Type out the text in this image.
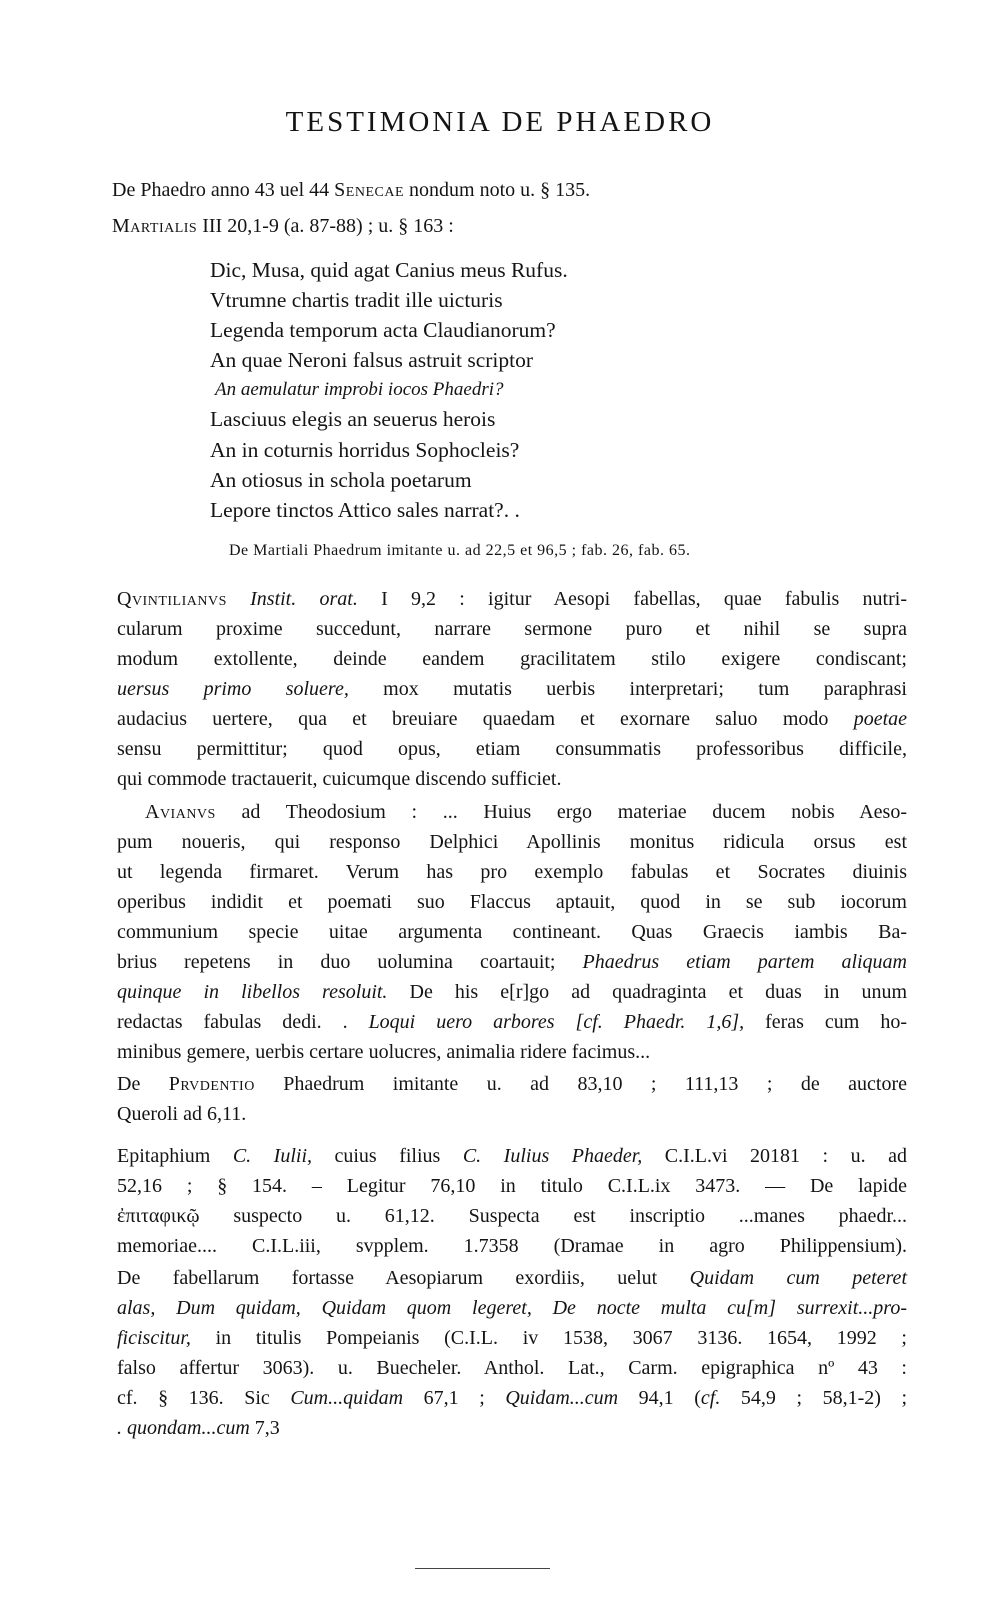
TESTIMONIA DE PHAEDRO
De Phaedro anno 43 uel 44 Senecae nondum noto u. § 135.
Martialis III 20,1-9 (a. 87-88) ; u. § 163 :
Dic, Musa, quid agat Canius meus Rufus.
Vtrumne chartis tradit ille uicturis
Legenda temporum acta Claudianorum?
An quae Neroni falsus astruit scriptor
An aemulatur improbi iocos Phaedri?
Lasciuus elegis an seuerus herois
An in coturnis horridus Sophocleis?
An otiosus in schola poetarum
Lepore tinctos Attico sales narrat?. .
De Martiali Phaedrum imitante u. ad 22,5 et 96,5 ; fab. 26, fab. 65.
Qvintilianvs Instit. orat. I 9,2 : igitur Aesopi fabellas, quae fabulis nutri-
cularum proxime succedunt, narrare sermone puro et nihil se supra
modum extollente, deinde eandem gracilitatem stilo exigere condiscant;
uersus primo soluere, mox mutatis uerbis interpretari; tum paraphrasi
audacius uertere, qua et breuiare quaedam et exornare saluo modo poetae
sensu permittitur; quod opus, etiam consummatis professoribus difficile,
qui commode tractauerit, cuicumque discendo sufficiet.
Avianvs ad Theodosium : ... Huius ergo materiae ducem nobis Aeso-
pum noueris, qui responso Delphici Apollinis monitus ridicula orsus est
ut legenda firmaret. Verum has pro exemplo fabulas et Socrates diuinis
operibus indidit et poemati suo Flaccus aptauit, quod in se sub iocorum
communium specie uitae argumenta contineant. Quas Graecis iambis Ba-
brius repetens in duo uolumina coartauit; Phaedrus etiam partem aliquam
quinque in libellos resoluit. De his e[r]go ad quadraginta et duas in unum
redactas fabulas dedi. . Loqui uero arbores [cf. Phaedr. 1,6], feras cum ho-
minibus gemere, uerbis certare uolucres, animalia ridere facimus...
De Prvdentio Phaedrum imitante u. ad 83,10 ; 111,13 ; de auctore
Queroli ad 6,11.
Epitaphium C. Iulii, cuius filius C. Iulius Phaeder, C.I.L.vi 20181 : u. ad
52,16 ; § 154. – Legitur 76,10 in titulo C.I.L.ix 3473. — De lapide
ἐπιταφικῷ suspecto u. 61,12. Suspecta est inscriptio ...manes phaedr...
memoriae.... C.I.L.iii, svpplem. 1.7358 (Dramae in agro Philippensium).
De fabellarum fortasse Aesopiarum exordiis, uelut Quidam cum peteret
alas, Dum quidam, Quidam quom legeret, De nocte multa cu[m] surrexit...pro-
ficiscitur, in titulis Pompeianis (C.I.L. iv 1538, 3067 3136. 1654, 1992 ;
falso affertur 3063). u. Buecheler. Anthol. Lat., Carm. epigraphica nº 43 :
cf. § 136. Sic Cum...quidam 67,1 ; Quidam...cum 94,1 (cf. 54,9 ; 58,1-2) ;
. quondam...cum 7,3
